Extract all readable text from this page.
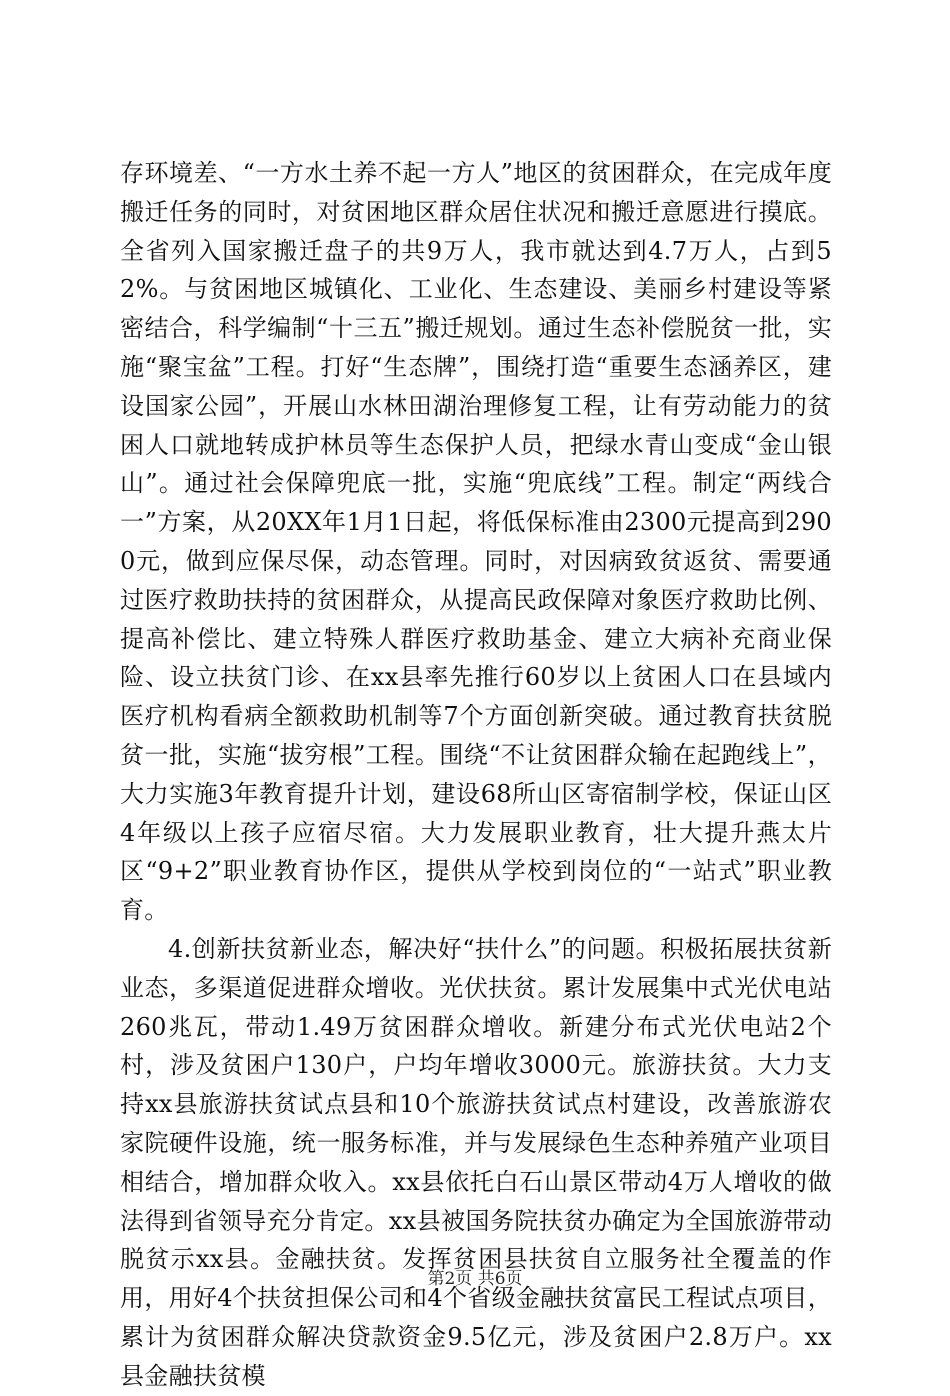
存环境差、“一方水土养不起一方人”地区的贫困群众，在完成年度搬迁任务的同时，对贫困地区群众居住状况和搬迁意愿进行摸底。全省列入国家搬迁盘子的共9万人，我市就达到4.7万人，占到52%。与贫困地区城镇化、工业化、生态建设、美丽乡村建设等紧密结合，科学编制“十三五”搬迁规划。通过生态补偿脱贫一批，实施“聚宝盆”工程。打好“生态牌”，围绕打造“重要生态涵养区，建设国家公园”，开展山水林田湖治理修复工程，让有劳动能力的贫困人口就地转成护林员等生态保护人员，把绿水青山变成“金山银山”。通过社会保障兜底一批，实施“兜底线”工程。制定“两线合一”方案，从20XX年1月1日起，将低保标准由2300元提高到2900元，做到应保尽保，动态管理。同时，对因病致贫返贫、需要通过医疗救助扶持的贫困群众，从提高民政保障对象医疗救助比例、提高补偿比、建立特殊人群医疗救助基金、建立大病补充商业保险、设立扶贫门诊、在xx县率先推行60岁以上贫困人口在县域内医疗机构看病全额救助机制等7个方面创新突破。通过教育扶贫脱贫一批，实施“拔穷根”工程。围绕“不让贫困群众输在起跑线上”，大力实施3年教育提升计划，建设68所山区寄宿制学校，保证山区4年级以上孩子应宿尽宿。大力发展职业教育，壮大提升燕太片区“9+2”职业教育协作区，提供从学校到岗位的“一站式”职业教育。

4.创新扶贫新业态，解决好“扶什么”的问题。积极拓展扶贫新业态，多渠道促进群众增收。光伏扶贫。累计发展集中式光伏电站260兆瓦，带动1.49万贫困群众增收。新建分布式光伏电站2个村，涉及贫困户130户，户均年增收3000元。旅游扶贫。大力支持xx县旅游扶贫试点县和10个旅游扶贫试点村建设，改善旅游农家院硬件设施，统一服务标准，并与发展绿色生态种养殖产业项目相结合，增加群众收入。xx县依托白石山景区带动4万人增收的做法得到省领导充分肯定。xx县被国务院扶贫办确定为全国旅游带动脱贫示xx县。金融扶贫。发挥贫困县扶贫自立服务社全覆盖的作用，用好4个扶贫担保公司和4个省级金融扶贫富民工程试点项目，累计为贫困群众解决贷款资金9.5亿元，涉及贫困户2.8万户。xx县金融扶贫模

第2页 共6页
